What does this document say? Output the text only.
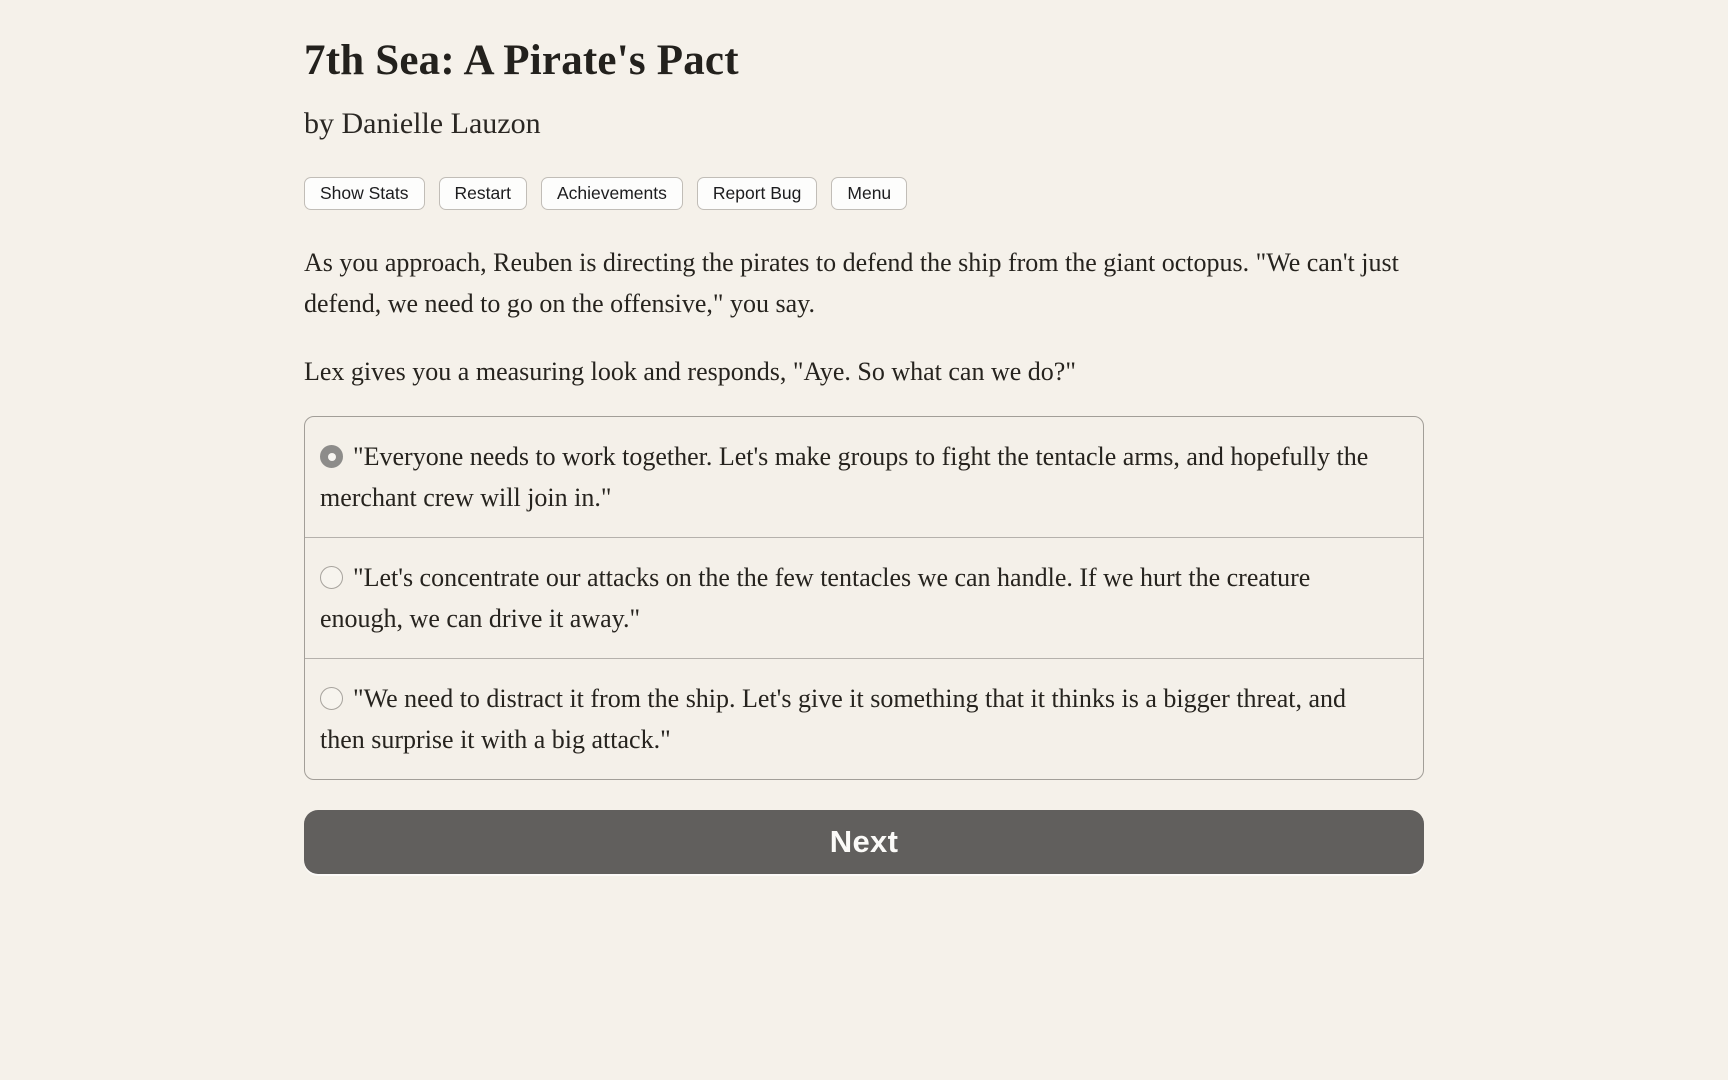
7th Sea: A Pirate's Pact
by Danielle Lauzon
Show Stats	Restart	Achievements	Report Bug	Menu

As you approach, Reuben is directing the pirates to defend the ship from the giant octopus. "We can't just defend, we need to go on the offensive," you say.

Lex gives you a measuring look and responds, "Aye. So what can we do?"

"Everyone needs to work together. Let's make groups to fight the tentacle arms, and hopefully the merchant crew will join in."
"Let's concentrate our attacks on the the few tentacles we can handle. If we hurt the creature enough, we can drive it away."
"We need to distract it from the ship. Let's give it something that it thinks is a bigger threat, and then surprise it with a big attack."
Next
